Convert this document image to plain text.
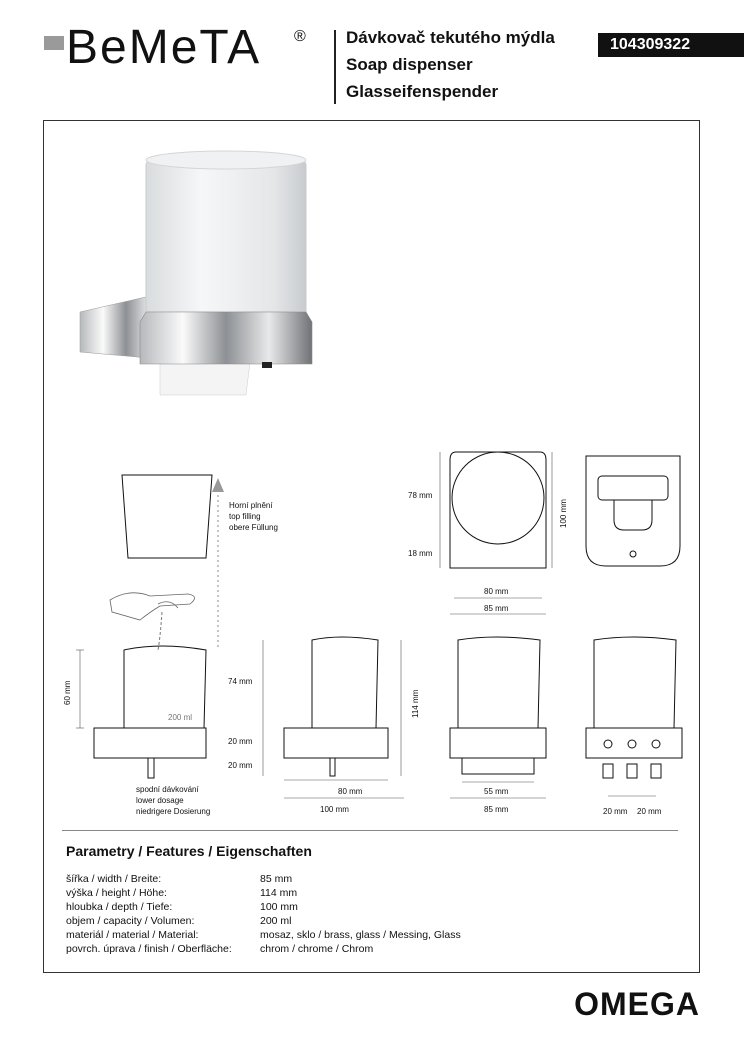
BeMeTA ® Dávkovač tekutého mýdla
Soap dispenser
Glasseifenspender
104309322
Horní plnění
top filling
obere Füllung
60 mm
200 ml
spodní dávkování
lower dosage
niedrigere Dosierung
74 mm
20 mm
20 mm
114 mm
80 mm
100 mm
55 mm
85 mm	20 mm 20 mm
78 mm
18 mm
100 mm
80 mm
85 mm
Parametry / Features / Eigenschaften
šířka / width / Breite:	85 mm
výška / height / Höhe:	114 mm
hloubka / depth / Tiefe:	100 mm
objem / capacity / Volumen:	200 ml
materiál / material / Material:	mosaz, sklo / brass, glass / Messing, Glass
povrch. úprava / finish / Oberfläche:	chrom / chrome / Chrom
OMEGA
